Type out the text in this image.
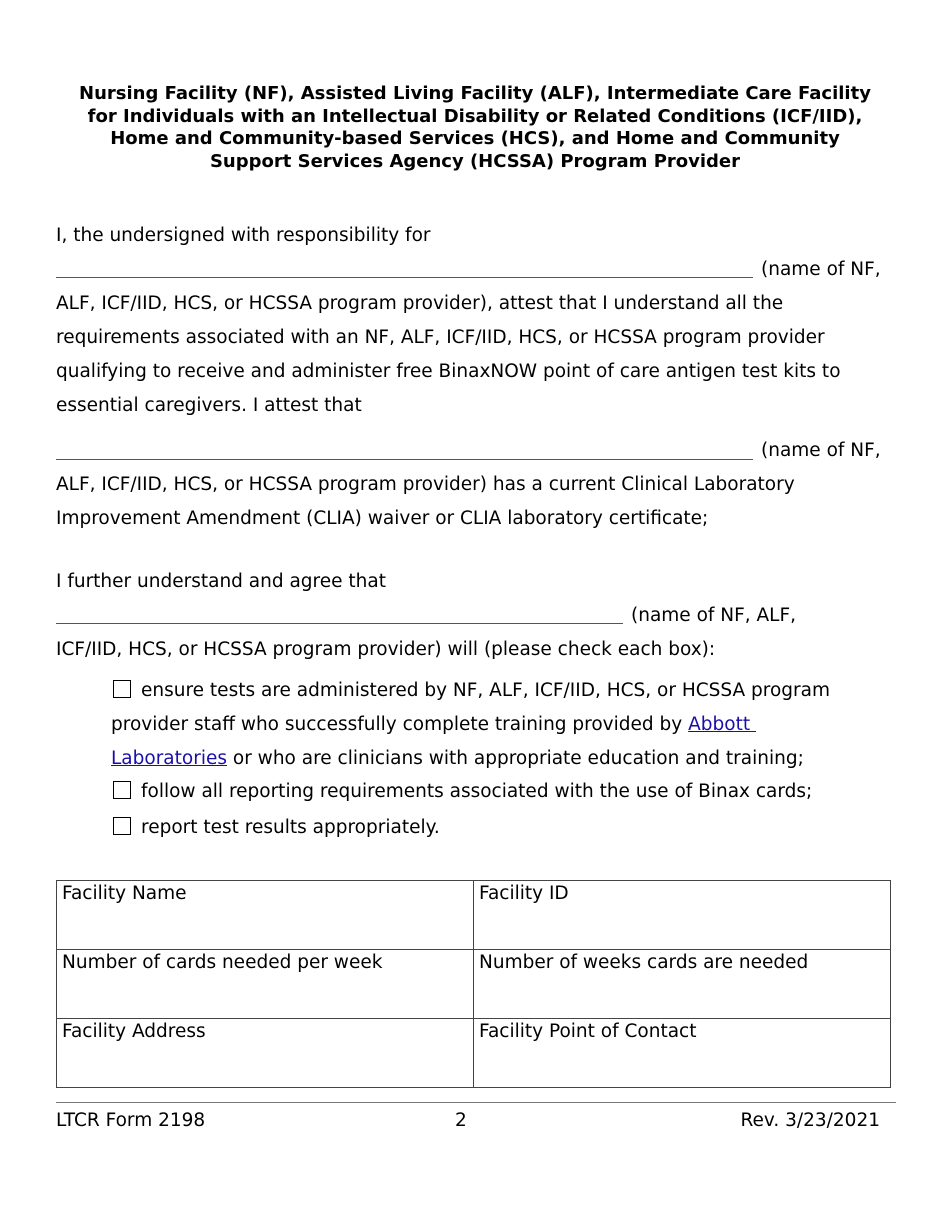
Nursing Facility (NF), Assisted Living Facility (ALF), Intermediate Care Facility
for Individuals with an Intellectual Disability or Related Conditions (ICF/IID),
Home and Community-based Services (HCS), and Home and Community
Support Services Agency (HCSSA) Program Provider
I, the undersigned with responsibility for
(name of NF,
ALF, ICF/IID, HCS, or HCSSA program provider), attest that I understand all the
requirements associated with an NF, ALF, ICF/IID, HCS, or HCSSA program provider
qualifying to receive and administer free BinaxNOW point of care antigen test kits to
essential caregivers. I attest that
(name of NF,
ALF, ICF/IID, HCS, or HCSSA program provider) has a current Clinical Laboratory
Improvement Amendment (CLIA) waiver or CLIA laboratory certificate;
I further understand and agree that
(name of NF, ALF,
ICF/IID, HCS, or HCSSA program provider) will (please check each box):
ensure tests are administered by NF, ALF, ICF/IID, HCS, or HCSSA program
provider staff who successfully complete training provided by Abbott
Laboratories or who are clinicians with appropriate education and training;
follow all reporting requirements associated with the use of Binax cards;
report test results appropriately.
Facility Name	Facility ID
Number of cards needed per week	Number of weeks cards are needed
Facility Address	Facility Point of Contact
LTCR Form 2198	2	Rev. 3/23/2021
